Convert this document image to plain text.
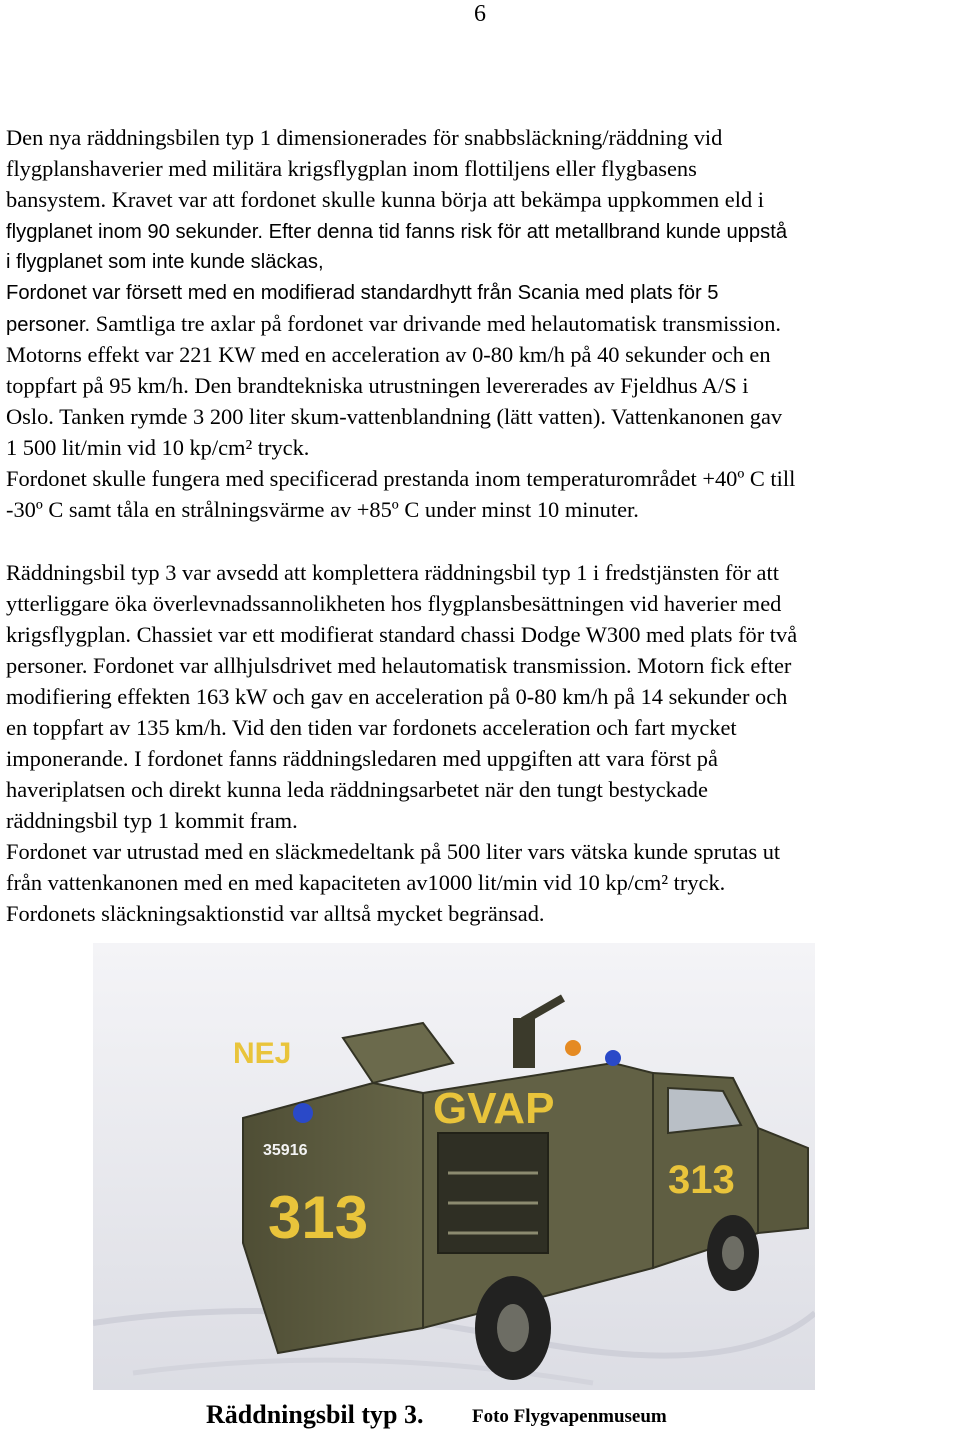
6
Den nya räddningsbilen typ 1 dimensionerades för snabbsläckning/räddning vid
flygplanshaverier med militära krigsflygplan inom flottiljens eller flygbasens
bansystem. Kravet var att fordonet skulle kunna börja att bekämpa uppkommen eld i
flygplanet inom 90 sekunder. Efter denna tid fanns risk för att metallbrand kunde uppstå
i flygplanet som inte kunde släckas,
Fordonet var försett med en modifierad standardhytt från Scania med plats för 5
personer. Samtliga tre axlar på fordonet var drivande med helautomatisk transmission.
Motorns effekt var 221 KW med en acceleration av 0-80 km/h på 40 sekunder och en
toppfart på 95 km/h. Den brandtekniska utrustningen levererades av Fjeldhus A/S i
Oslo. Tanken rymde 3 200 liter skum-vattenblandning (lätt vatten). Vattenkanonen gav
1 500 lit/min vid 10 kp/cm² tryck.
Fordonet skulle fungera med specificerad prestanda inom temperaturområdet +40º C till
-30º C samt tåla en strålningsvärme av +85º C under minst 10 minuter.
Räddningsbil typ 3 var avsedd att komplettera räddningsbil typ 1 i fredstjänsten för att
ytterliggare öka överlevnadssannolikheten hos flygplansbesättningen vid haverier med
krigsflygplan. Chassiet var ett modifierat standard chassi Dodge W300 med plats för två
personer. Fordonet var allhjulsdrivet med helautomatisk transmission. Motorn fick efter
modifiering effekten 163 kW och gav en acceleration på 0-80 km/h på 14 sekunder och
en toppfart av 135 km/h. Vid den tiden var fordonets acceleration och fart mycket
imponerande. I fordonet fanns räddningsledaren med uppgiften att vara först på
haveriplatsen och direkt kunna leda räddningsarbetet när den tungt bestyckade
räddningsbil typ 1 kommit fram.
Fordonet var utrustad med en släckmedeltank på 500 liter vars vätska kunde sprutas ut
från vattenkanonen med en med kapaciteten av1000 lit/min vid 10 kp/cm² tryck.
Fordonets släckningsaktionstid var alltså mycket begränsad.
313
GVAP
313
NEJ
35916
Räddningsbil typ 3.	Foto Flygvapenmuseum
